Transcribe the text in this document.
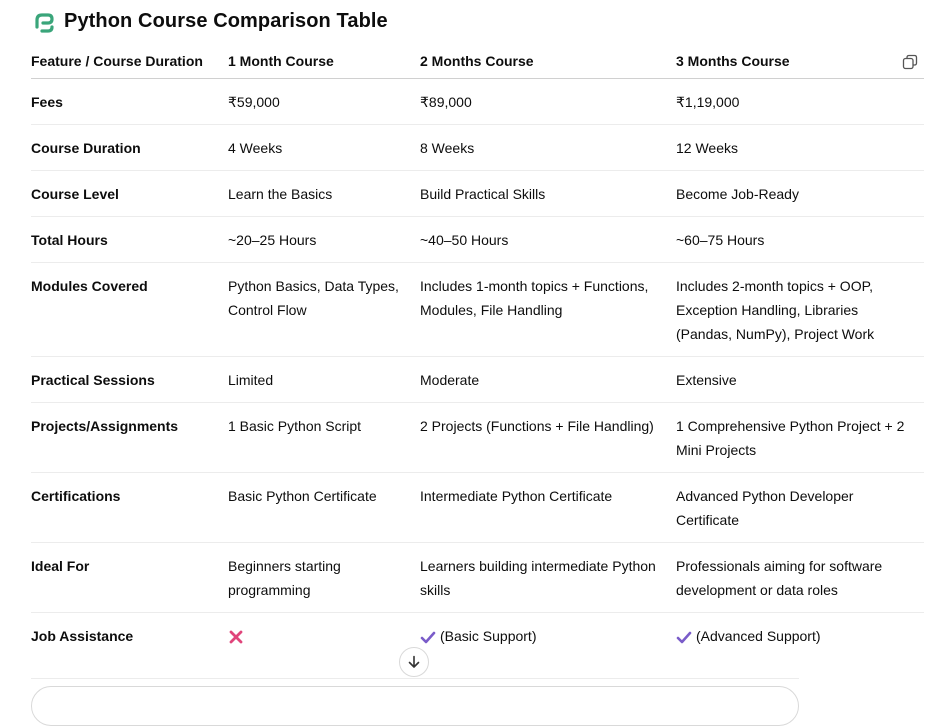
Python Course Comparison Table
Feature / Course Duration	1 Month Course	2 Months Course	3 Months Course

Fees	₹59,000	₹89,000	₹1,19,000
Course Duration	4 Weeks	8 Weeks	12 Weeks
Course Level	Learn the Basics	Build Practical Skills	Become Job-Ready
Total Hours	~20–25 Hours	~40–50 Hours	~60–75 Hours
Modules Covered	Python Basics, Data Types, Control Flow	Includes 1-month topics + Functions, Modules, File Handling	Includes 2-month topics + OOP, Exception Handling, Libraries (Pandas, NumPy), Project Work
Practical Sessions	Limited	Moderate	Extensive
Projects/Assignments	1 Basic Python Script	2 Projects (Functions + File Handling)	1 Comprehensive Python Project + 2 Mini Projects
Certifications	Basic Python Certificate	Intermediate Python Certificate	Advanced Python Developer Certificate
Ideal For	Beginners starting programming	Learners building intermediate Python skills	Professionals aiming for software development or data roles
Job Assistance		(Basic Support)	(Advanced Support)
